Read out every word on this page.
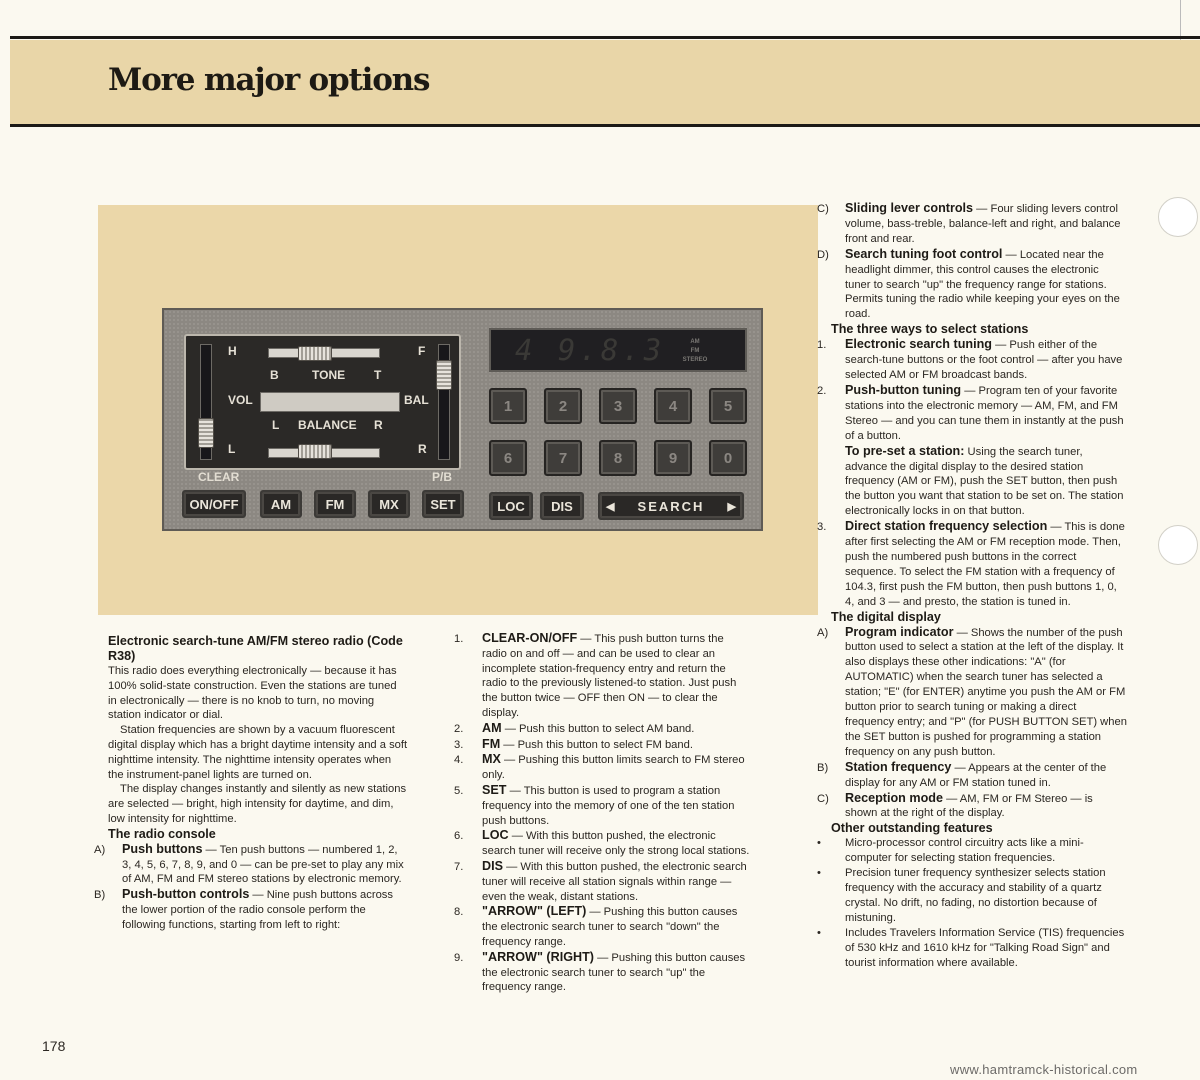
More major options
H
L
F
R
B	TONE T
VOL	BAL
L BALANCE R
CLEAR	P/B
ON/OFF	AM	FM	MX	SET
4 9.8.3	AM
FM
STEREO
1	2	3	4	5
6	7	8	9	0
LOC	DIS	◀ SEARCH ▶

Electronic search-tune AM/FM stereo radio (Code R38)

This radio does everything electronically — because it has 100% solid-state construction. Even the stations are tuned in electronically — there is no knob to turn, no moving station indicator or dial.

Station frequencies are shown by a vacuum fluorescent digital display which has a bright daytime intensity and a soft nighttime intensity. The nighttime intensity operates when the instrument-panel lights are turned on.

The display changes instantly and silently as new stations are selected — bright, high intensity for daytime, and dim, low intensity for nighttime.

The radio console

A) Push buttons — Ten push buttons — numbered 1, 2, 3, 4, 5, 6, 7, 8, 9, and 0 — can be pre-set to play any mix of AM, FM and FM stereo stations by electronic memory.

B) Push-button controls — Nine push buttons across the lower portion of the radio console perform the following functions, starting from left to right:

1. CLEAR-ON/OFF — This push button turns the radio on and off — and can be used to clear an incomplete station-frequency entry and return the radio to the previously listened-to station. Just push the button twice — OFF then ON — to clear the display.

2. AM — Push this button to select AM band.

3. FM — Push this button to select FM band.

4. MX — Pushing this button limits search to FM stereo only.

5. SET — This button is used to program a station frequency into the memory of one of the ten station push buttons.

6. LOC — With this button pushed, the electronic search tuner will receive only the strong local stations.

7. DIS — With this button pushed, the electronic search tuner will receive all station signals within range — even the weak, distant stations.

8. "ARROW" (LEFT) — Pushing this button causes the electronic search tuner to search "down" the frequency range.

9. "ARROW" (RIGHT) — Pushing this button causes the electronic search tuner to search "up" the frequency range.

C) Sliding lever controls — Four sliding levers control volume, bass-treble, balance-left and right, and balance front and rear.

D) Search tuning foot control — Located near the headlight dimmer, this control causes the electronic tuner to search "up" the frequency range for stations. Permits tuning the radio while keeping your eyes on the road.

The three ways to select stations

1. Electronic search tuning — Push either of the search-tune buttons or the foot control — after you have selected AM or FM broadcast bands.

2. Push-button tuning — Program ten of your favorite stations into the electronic memory — AM, FM, and FM Stereo — and you can tune them in instantly at the push of a button.

To pre-set a station: Using the search tuner, advance the digital display to the desired station frequency (AM or FM), push the SET button, then push the button you want that station to be set on. The station electronically locks in on that button.

3. Direct station frequency selection — This is done after first selecting the AM or FM reception mode. Then, push the numbered push buttons in the correct sequence. To select the FM station with a frequency of 104.3, first push the FM button, then push buttons 1, 0, 4, and 3 — and presto, the station is tuned in.

The digital display

A) Program indicator — Shows the number of the push button used to select a station at the left of the display. It also displays these other indications: "A" (for AUTOMATIC) when the search tuner has selected a station; "E" (for ENTER) anytime you push the AM or FM button prior to search tuning or making a direct frequency entry; and "P" (for PUSH BUTTON SET) when the SET button is pushed for programming a station frequency on any push button.

B) Station frequency — Appears at the center of the display for any AM or FM station tuned in.

C) Reception mode — AM, FM or FM Stereo — is shown at the right of the display.

Other outstanding features

• Micro-processor control circuitry acts like a mini-computer for selecting station frequencies.

• Precision tuner frequency synthesizer selects station frequency with the accuracy and stability of a quartz crystal. No drift, no fading, no distortion because of mistuning.

• Includes Travelers Information Service (TIS) frequencies of 530 kHz and 1610 kHz for "Talking Road Sign" and tourist information where available.

178
www.hamtramck-historical.com
